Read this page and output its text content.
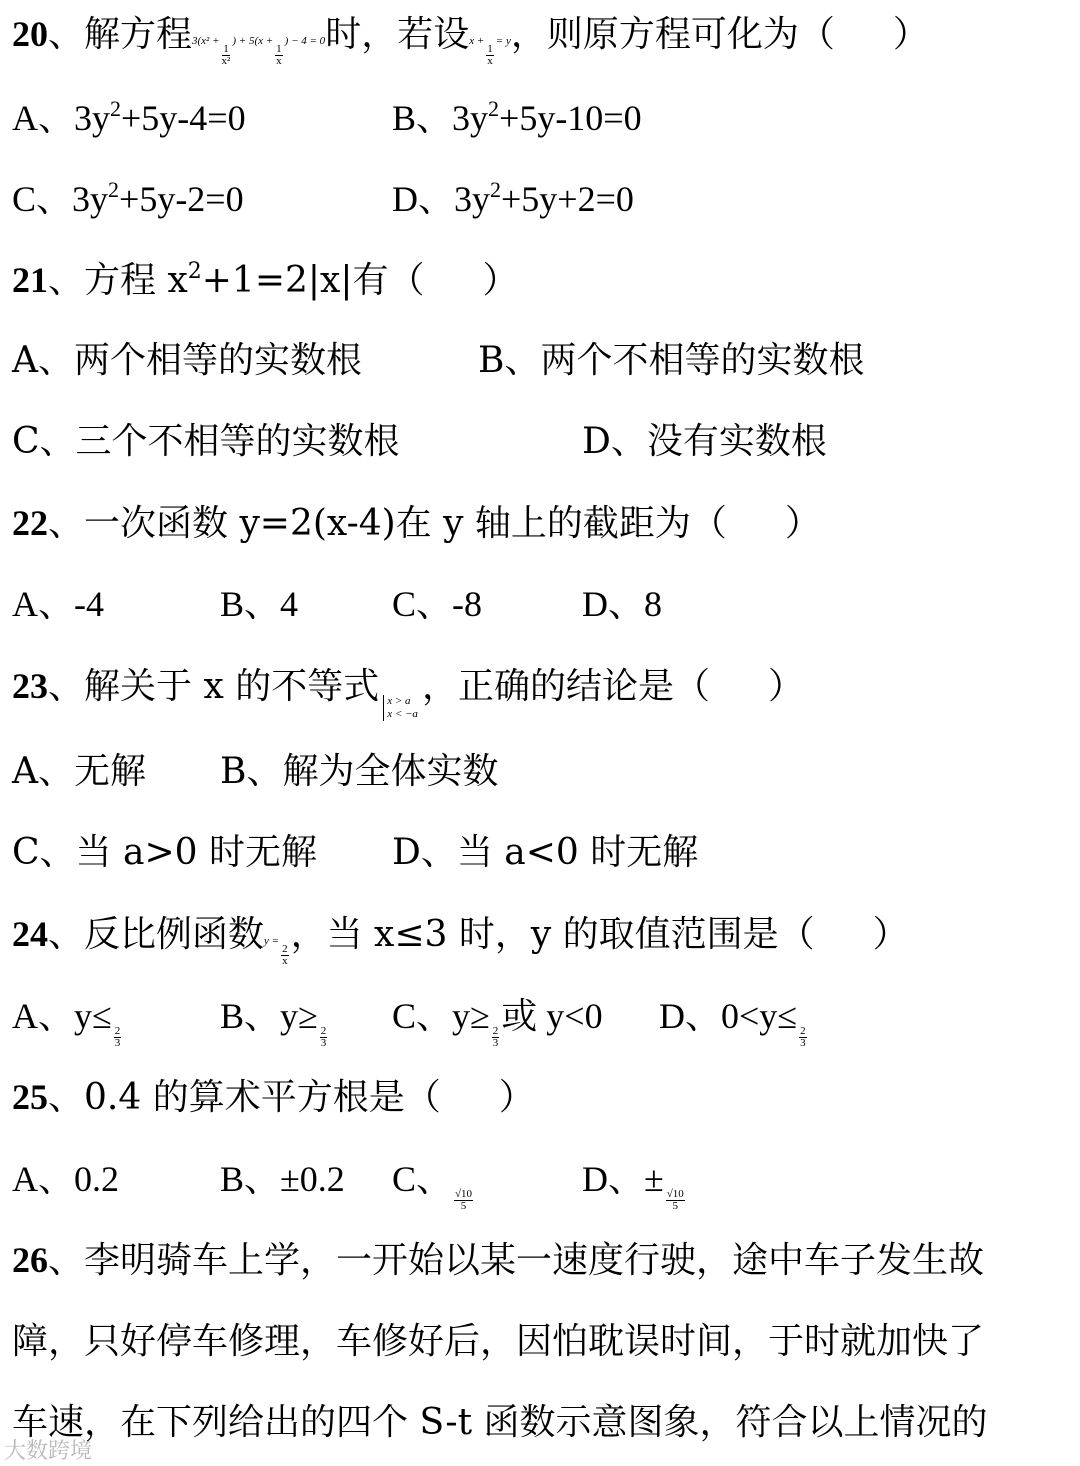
20、解方程3(x² +
$\frac{1}{\text{x²}}$
) + 5(x +
$\frac{1}{x}$
) − 4 = 0时，若设x +
$\frac{1}{x}$
= y，则原方程可化为（ ）
A、$3y^2+5y-4=0$	B、$3y^2+5y-10=0$
C、$3y^2+5y-2=0$	D、$3y^2+5y+2=0$
21、方程 $x^2+1=2|x|$有（ ）
A、两个相等的实数根	B、两个不相等的实数根
C、三个不相等的实数根	D、没有实数根
22、一次函数 y=2(x-4)在 y 轴上的截距为（ ）
A、-4	B、4	C、-8	D、8
23、解关于 x 的不等式 x > a
x < −a
，正确的结论是（ ）
A、无解 B、解为全体实数
C、当 a>0 时无解 D、当 a<0 时无解
24、反比例函数y =
$\frac{2}{x}$
，当 x≤3 时，y 的取值范围是（ ）
A、y≤
$\frac{2}{3}$
B、y≥
$\frac{2}{3}$
C、y≥
$\frac{2}{3}$
或 y<0 D、0<y≤
$\frac{2}{3}$
25、0.4 的算术平方根是（ ）
A、0.2	B、±0.2 C、
$\frac{√10}{5}$
D、±
$\frac{√10}{5}$
26、李明骑车上学，一开始以某一速度行驶，途中车子发生故
障，只好停车修理，车修好后，因怕耽误时间，于时就加快了
车速，在下列给出的四个 S-t 函数示意图象，符合以上情况的
大数跨境
